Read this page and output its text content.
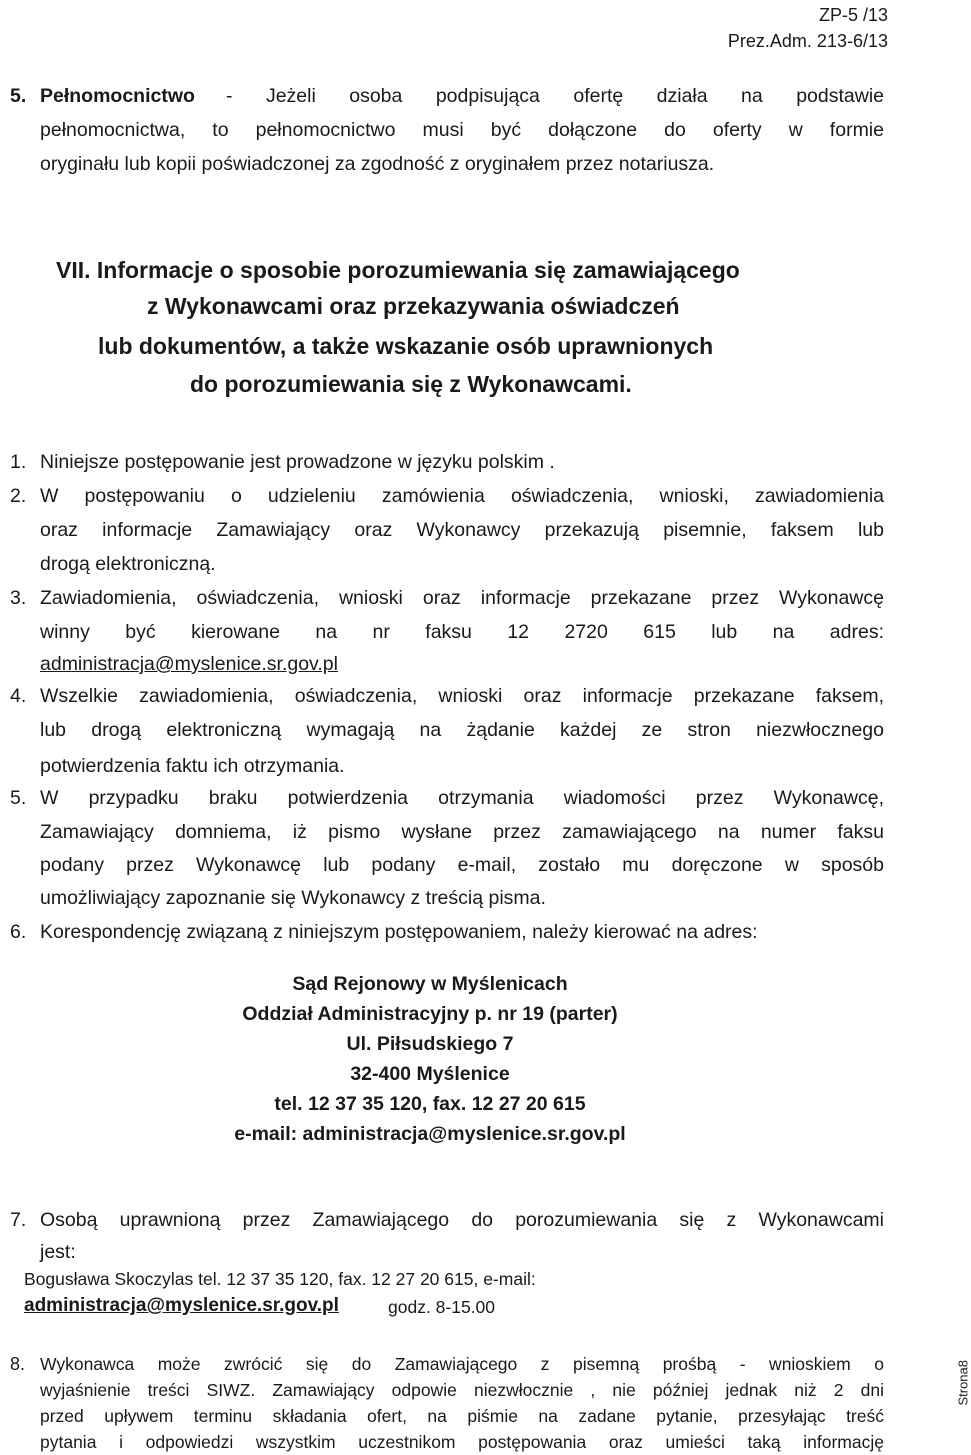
ZP-5 /13
Prez.Adm. 213-6/13
5. Pełnomocnictwo - Jeżeli osoba podpisująca ofertę działa na podstawie
pełnomocnictwa, to pełnomocnictwo musi być dołączone do oferty w formie
oryginału lub kopii poświadczonej za zgodność z oryginałem przez notariusza.
VII. Informacje o sposobie porozumiewania się zamawiającego
z Wykonawcami oraz przekazywania oświadczeń
lub dokumentów, a także wskazanie osób uprawnionych
do porozumiewania się z Wykonawcami.
1. Niniejsze postępowanie jest prowadzone w języku polskim .
2. W postępowaniu o udzieleniu zamówienia oświadczenia, wnioski, zawiadomienia
oraz informacje Zamawiający oraz Wykonawcy przekazują pisemnie, faksem lub
drogą elektroniczną.
3. Zawiadomienia, oświadczenia, wnioski oraz informacje przekazane przez Wykonawcę
winny być kierowane na nr faksu 12 2720 615 lub na adres:
administracja@myslenice.sr.gov.pl
4. Wszelkie zawiadomienia, oświadczenia, wnioski oraz informacje przekazane faksem,
lub drogą elektroniczną wymagają na żądanie każdej ze stron niezwłocznego
potwierdzenia faktu ich otrzymania.
5. W przypadku braku potwierdzenia otrzymania wiadomości przez Wykonawcę,
Zamawiający domniema, iż pismo wysłane przez zamawiającego na numer faksu
podany przez Wykonawcę lub podany e-mail, zostało mu doręczone w sposób
umożliwiający zapoznanie się Wykonawcy z treścią pisma.
6. Korespondencję związaną z niniejszym postępowaniem, należy kierować na adres:
Sąd Rejonowy w Myślenicach
Oddział Administracyjny p. nr 19 (parter)
Ul. Piłsudskiego 7
32-400 Myślenice
tel. 12 37 35 120, fax. 12 27 20 615
e-mail: administracja@myslenice.sr.gov.pl
7. Osobą uprawnioną przez Zamawiającego do porozumiewania się z Wykonawcami
jest:
Bogusława Skoczylas tel. 12 37 35 120, fax. 12 27 20 615, e-mail:
administracja@myslenice.sr.gov.pl	godz. 8-15.00
8. Wykonawca może zwrócić się do Zamawiającego z pisemną prośbą - wnioskiem o
wyjaśnienie treści SIWZ. Zamawiający odpowie niezwłocznie , nie później jednak niż 2 dni
przed upływem terminu składania ofert, na piśmie na zadane pytanie, przesyłając treść
pytania i odpowiedzi wszystkim uczestnikom postępowania oraz umieści taką informację
Strona8
